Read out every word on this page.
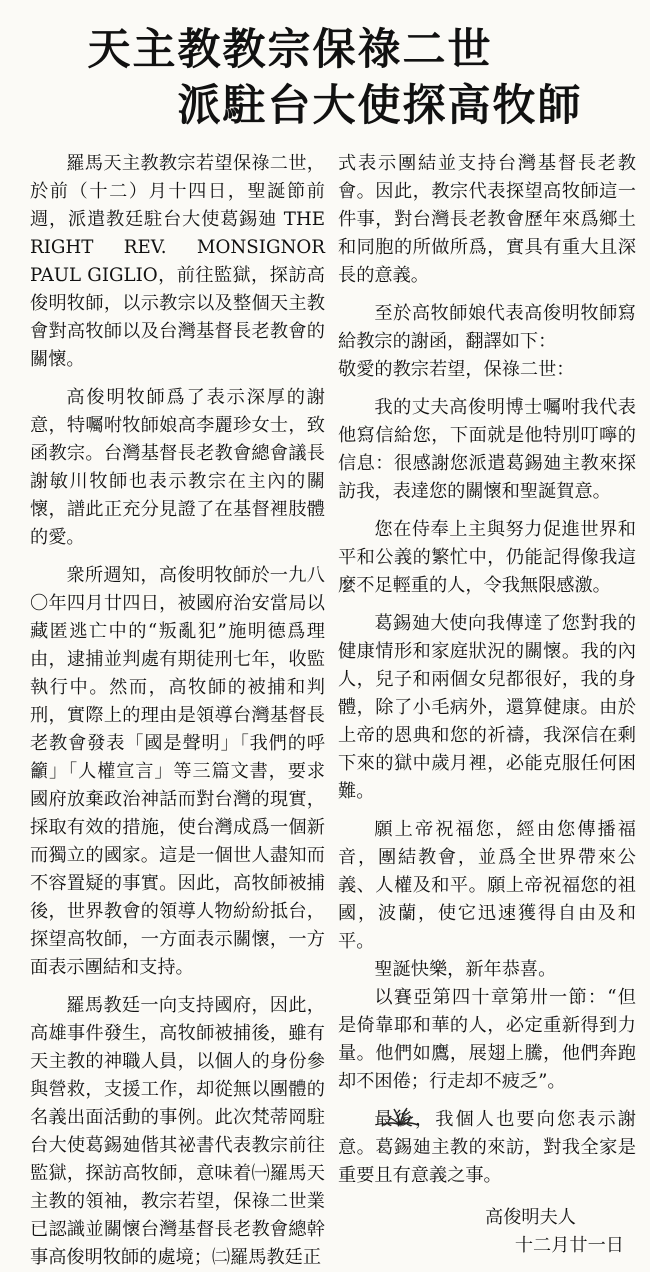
天主教教宗保祿二世
派駐台大使探高牧師

羅馬天主教教宗若望保祿二世，於前（十二）月十四日，聖誕節前週，派遣教廷駐台大使葛錫廸 THE RIGHT REV. MONSIGNOR PAUL GIGLIO，前往監獄，探訪高俊明牧師，以示教宗以及整個天主教會對高牧師以及台灣基督長老教會的關懷。

高俊明牧師爲了表示深厚的謝意，特囑咐牧師娘高李麗珍女士，致函教宗。台灣基督長老教會總會議長謝敏川牧師也表示教宗在主內的關懷，譜此正充分見證了在基督裡肢體的愛。

衆所週知，高俊明牧師於一九八〇年四月廿四日，被國府治安當局以藏匿逃亡中的“叛亂犯”施明德爲理由，逮捕並判處有期徒刑七年，收監執行中。然而，高牧師的被捕和判刑，實際上的理由是領導台灣基督長老教會發表「國是聲明」「我們的呼籲」「人權宣言」等三篇文書，要求國府放棄政治神話而對台灣的現實，採取有效的措施，使台灣成爲一個新而獨立的國家。這是一個世人盡知而不容置疑的事實。因此，高牧師被捕後，世界教會的領導人物紛紛抵台，探望高牧師，一方面表示關懷，一方面表示團結和支持。

羅馬教廷一向支持國府，因此，高雄事件發生，高牧師被捕後，雖有天主教的神職人員，以個人的身份參與營救，支援工作，却從無以團體的名義出面活動的事例。此次梵蒂岡駐台大使葛錫廸偕其祕書代表教宗前往監獄，探訪高牧師，意味着㈠羅馬天主教的領袖，教宗若望，保祿二世業已認識並關懷台灣基督長老教會總幹事高俊明牧師的處境；㈡羅馬教廷正

式表示團結並支持台灣基督長老教會。因此，教宗代表探望高牧師這一件事，對台灣長老教會歷年來爲鄉土和同胞的所做所爲，實具有重大且深長的意義。

至於高牧師娘代表高俊明牧師寫給教宗的謝函，翻譯如下：

敬愛的教宗若望，保祿二世：

我的丈夫高俊明博士囑咐我代表他寫信給您，下面就是他特別叮嚀的信息：很感謝您派遣葛錫廸主教來探訪我，表達您的關懷和聖誕賀意。

您在侍奉上主與努力促進世界和平和公義的繁忙中，仍能記得像我這麼不足輕重的人，令我無限感激。

葛錫廸大使向我傳達了您對我的健康情形和家庭狀況的關懷。我的內人，兒子和兩個女兒都很好，我的身體，除了小毛病外，還算健康。由於上帝的恩典和您的祈禱，我深信在剩下來的獄中歲月裡，必能克服任何困難。

願上帝祝福您，經由您傳播福音，團結教會，並爲全世界帶來公義、人權及和平。願上帝祝福您的祖國，波蘭，使它迅速獲得自由及和平。

聖誕快樂，新年恭喜。

以賽亞第四十章第卅一節：“但是倚靠耶和華的人，必定重新得到力量。他們如鷹，展翅上騰，他們奔跑却不困倦；行走却不疲乏”。

最後，我個人也要向您表示謝意。葛錫廸主教的來訪，對我全家是重要且有意義之事。

高俊明夫人

十二月廿一日
